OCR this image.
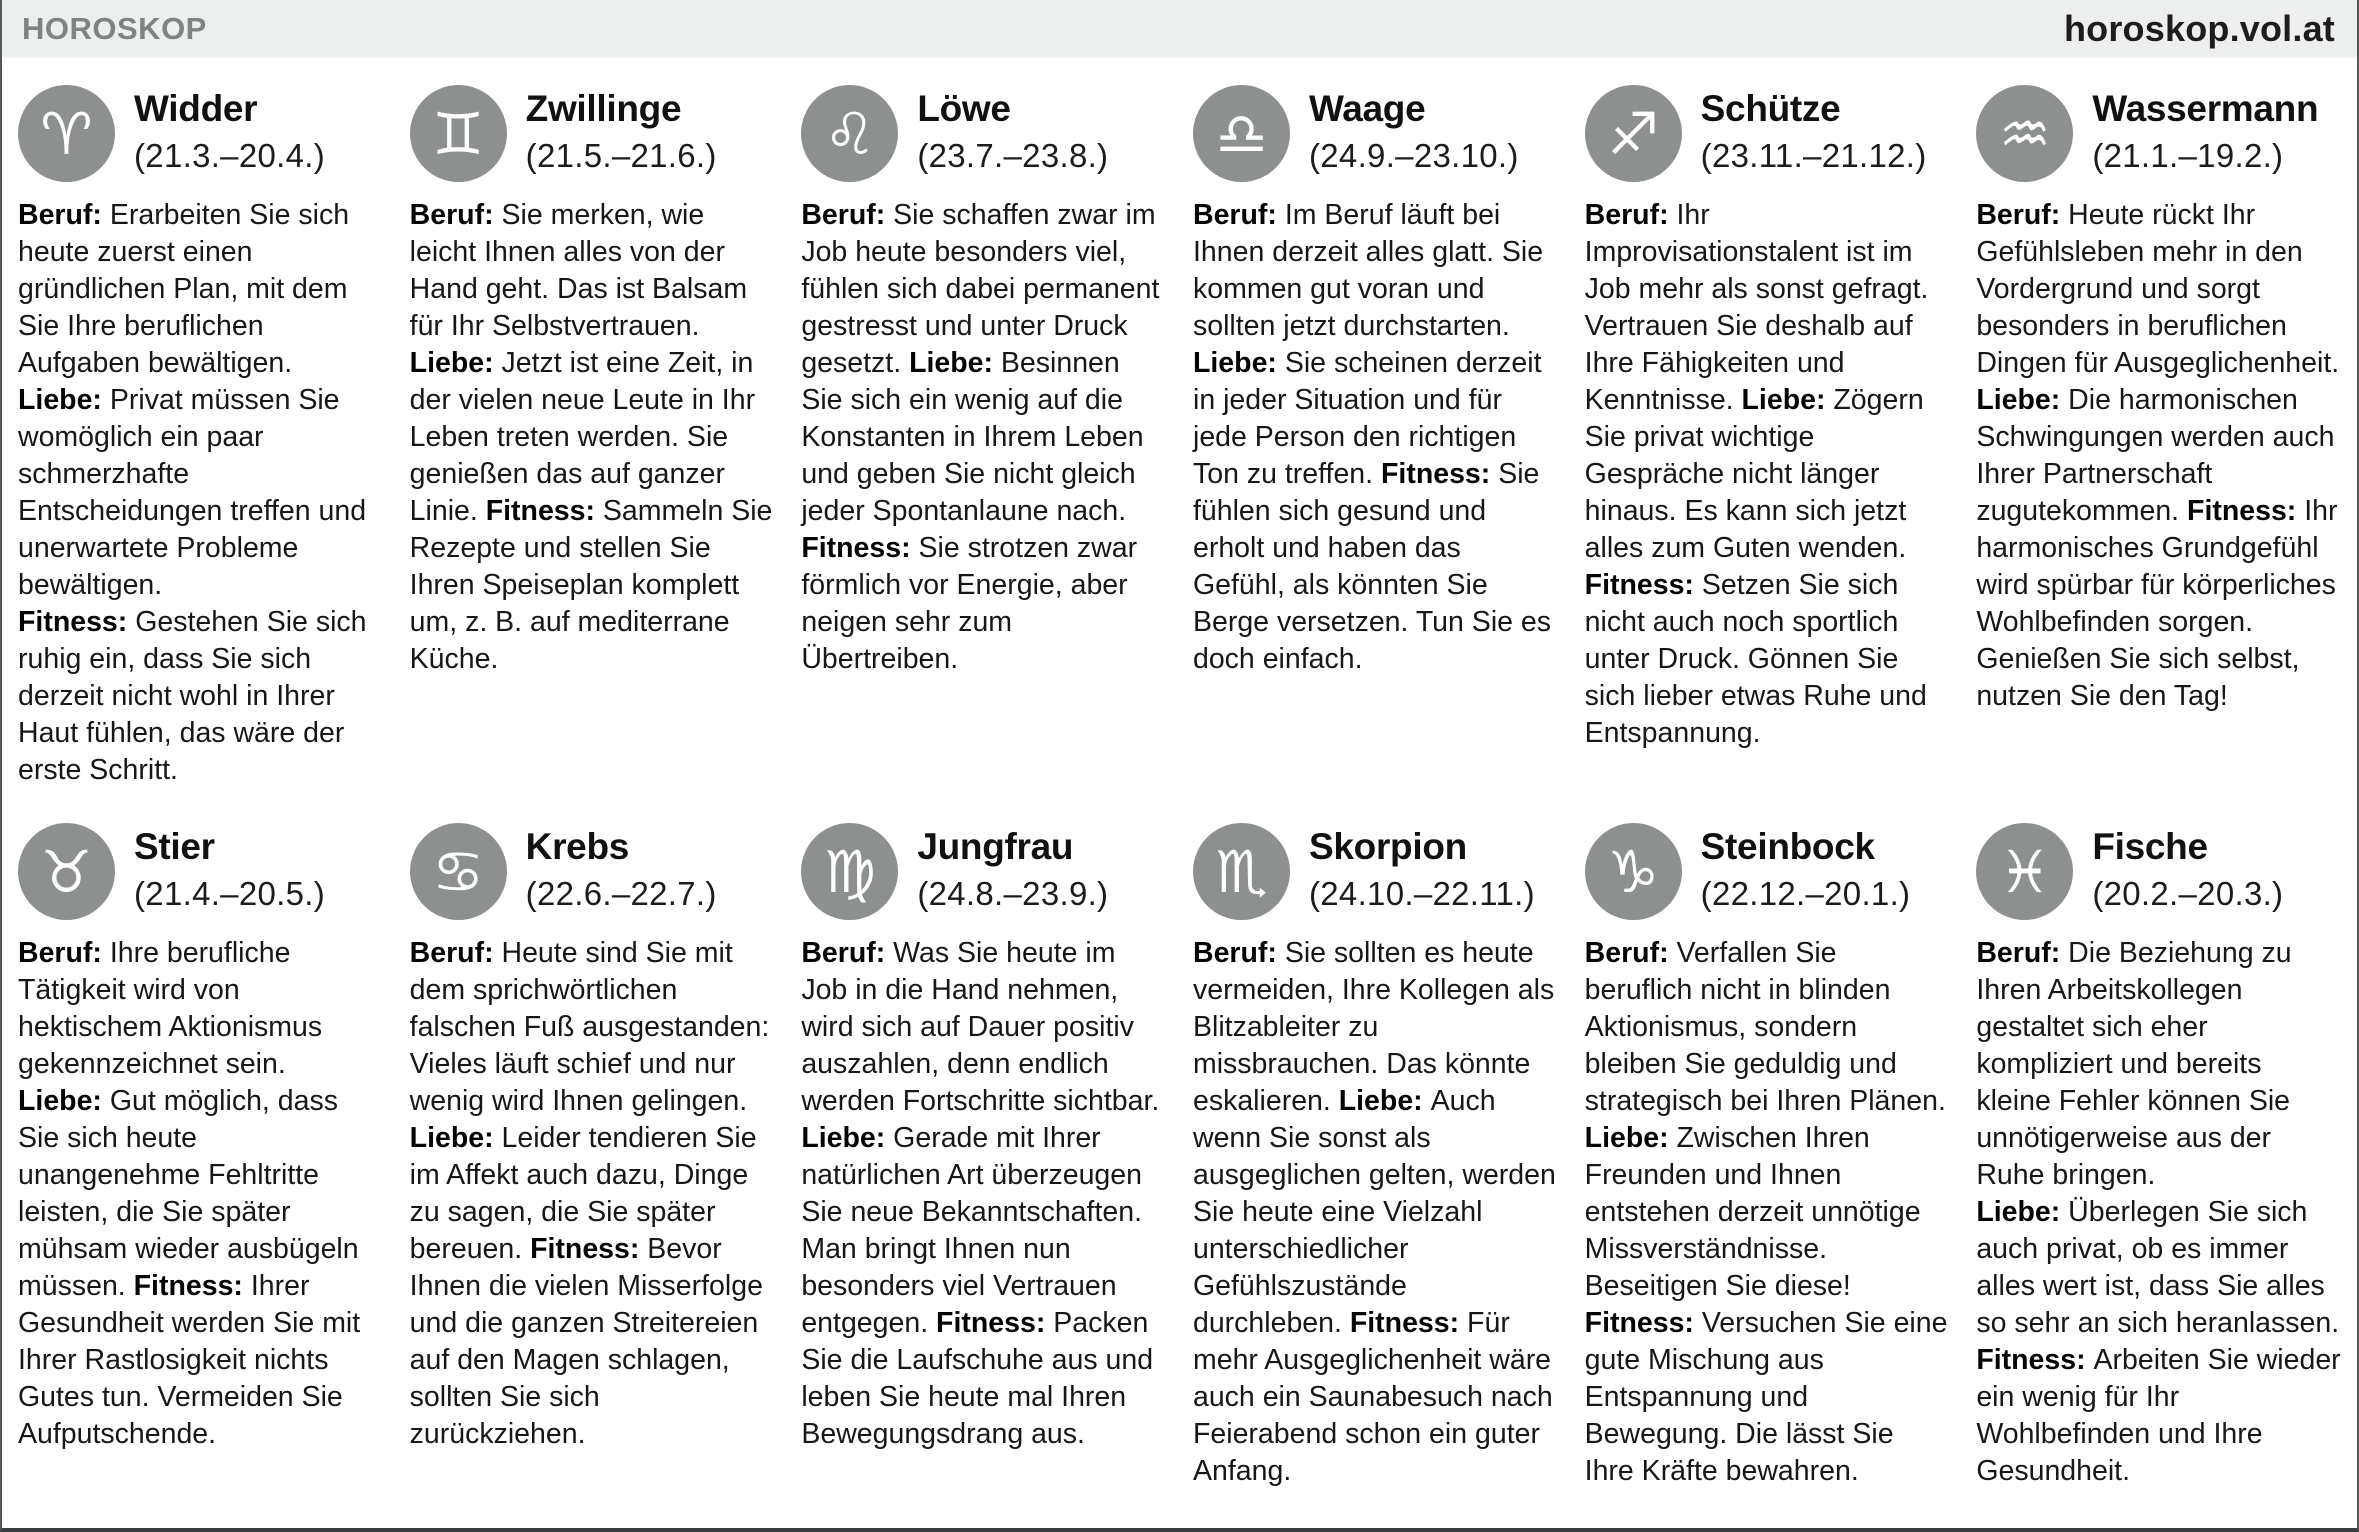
HOROSKOP	horoskop.vol.at
♈	Widder
(21.3.–20.4.)
Beruf: Erarbeiten Sie sich heute zuerst einen gründlichen Plan, mit dem Sie Ihre beruflichen Aufgaben bewältigen. Liebe: Privat müssen Sie womöglich ein paar schmerzhafte Entscheidungen treffen und unerwartete Probleme bewältigen. Fitness: Gestehen Sie sich ruhig ein, dass Sie sich derzeit nicht wohl in Ihrer Haut fühlen, das wäre der erste Schritt.
♊	Zwillinge
(21.5.–21.6.)
Beruf: Sie merken, wie leicht Ihnen alles von der Hand geht. Das ist Balsam für Ihr Selbstvertrauen. Liebe: Jetzt ist eine Zeit, in der vielen neue Leute in Ihr Leben treten werden. Sie genießen das auf ganzer Linie. Fitness: Sammeln Sie Rezepte und stellen Sie Ihren Speiseplan komplett um, z. B. auf mediterrane Küche.
♌	Löwe
(23.7.–23.8.)
Beruf: Sie schaffen zwar im Job heute besonders viel, fühlen sich dabei permanent gestresst und unter Druck gesetzt. Liebe: Besinnen Sie sich ein wenig auf die Konstanten in Ihrem Leben und geben Sie nicht gleich jeder Spontanlaune nach. Fitness: Sie strotzen zwar förmlich vor Energie, aber neigen sehr zum Übertreiben.
♎	Waage
(24.9.–23.10.)
Beruf: Im Beruf läuft bei Ihnen derzeit alles glatt. Sie kommen gut voran und sollten jetzt durchstarten. Liebe: Sie scheinen derzeit in jeder Situation und für jede Person den richtigen Ton zu treffen. Fitness: Sie fühlen sich gesund und erholt und haben das Gefühl, als könnten Sie Berge versetzen. Tun Sie es doch einfach.
♐	Schütze
(23.11.–21.12.)
Beruf: Ihr Improvisationstalent ist im Job mehr als sonst gefragt. Vertrauen Sie deshalb auf Ihre Fähigkeiten und Kenntnisse. Liebe: Zögern Sie privat wichtige Gespräche nicht länger hinaus. Es kann sich jetzt alles zum Guten wenden. Fitness: Setzen Sie sich nicht auch noch sportlich unter Druck. Gönnen Sie sich lieber etwas Ruhe und Entspannung.
♒	Wassermann
(21.1.–19.2.)
Beruf: Heute rückt Ihr Gefühlsleben mehr in den Vordergrund und sorgt besonders in beruflichen Dingen für Ausgeglichenheit. Liebe: Die harmonischen Schwingungen werden auch Ihrer Partnerschaft zugutekommen. Fitness: Ihr harmonisches Grundgefühl wird spürbar für körperliches Wohlbefinden sorgen. Genießen Sie sich selbst, nutzen Sie den Tag!
♉	Stier
(21.4.–20.5.)
Beruf: Ihre berufliche Tätigkeit wird von hektischem Aktionismus gekennzeichnet sein. Liebe: Gut möglich, dass Sie sich heute unangenehme Fehltritte leisten, die Sie später mühsam wieder ausbügeln müssen. Fitness: Ihrer Gesundheit werden Sie mit Ihrer Rastlosigkeit nichts Gutes tun. Vermeiden Sie Aufputschende.
♋	Krebs
(22.6.–22.7.)
Beruf: Heute sind Sie mit dem sprichwörtlichen falschen Fuß ausgestanden: Vieles läuft schief und nur wenig wird Ihnen gelingen. Liebe: Leider tendieren Sie im Affekt auch dazu, Dinge zu sagen, die Sie später bereuen. Fitness: Bevor Ihnen die vielen Misserfolge und die ganzen Streitereien auf den Magen schlagen, sollten Sie sich zurückziehen.
♍	Jungfrau
(24.8.–23.9.)
Beruf: Was Sie heute im Job in die Hand nehmen, wird sich auf Dauer positiv auszahlen, denn endlich werden Fortschritte sichtbar. Liebe: Gerade mit Ihrer natürlichen Art überzeugen Sie neue Bekanntschaften. Man bringt Ihnen nun besonders viel Vertrauen entgegen. Fitness: Packen Sie die Laufschuhe aus und leben Sie heute mal Ihren Bewegungsdrang aus.
♏	Skorpion
(24.10.–22.11.)
Beruf: Sie sollten es heute vermeiden, Ihre Kollegen als Blitzableiter zu missbrauchen. Das könnte eskalieren. Liebe: Auch wenn Sie sonst als ausgeglichen gelten, werden Sie heute eine Vielzahl unterschiedlicher Gefühlszustände durchleben. Fitness: Für mehr Ausgeglichenheit wäre auch ein Saunabesuch nach Feierabend schon ein guter Anfang.
♑	Steinbock
(22.12.–20.1.)
Beruf: Verfallen Sie beruflich nicht in blinden Aktionismus, sondern bleiben Sie geduldig und strategisch bei Ihren Plänen. Liebe: Zwischen Ihren Freunden und Ihnen entstehen derzeit unnötige Missverständnisse. Beseitigen Sie diese! Fitness: Versuchen Sie eine gute Mischung aus Entspannung und Bewegung. Die lässt Sie Ihre Kräfte bewahren.
♓	Fische
(20.2.–20.3.)
Beruf: Die Beziehung zu Ihren Arbeitskollegen gestaltet sich eher kompliziert und bereits kleine Fehler können Sie unnötigerweise aus der Ruhe bringen. Liebe: Überlegen Sie sich auch privat, ob es immer alles wert ist, dass Sie alles so sehr an sich heranlassen. Fitness: Arbeiten Sie wieder ein wenig für Ihr Wohlbefinden und Ihre Gesundheit.
